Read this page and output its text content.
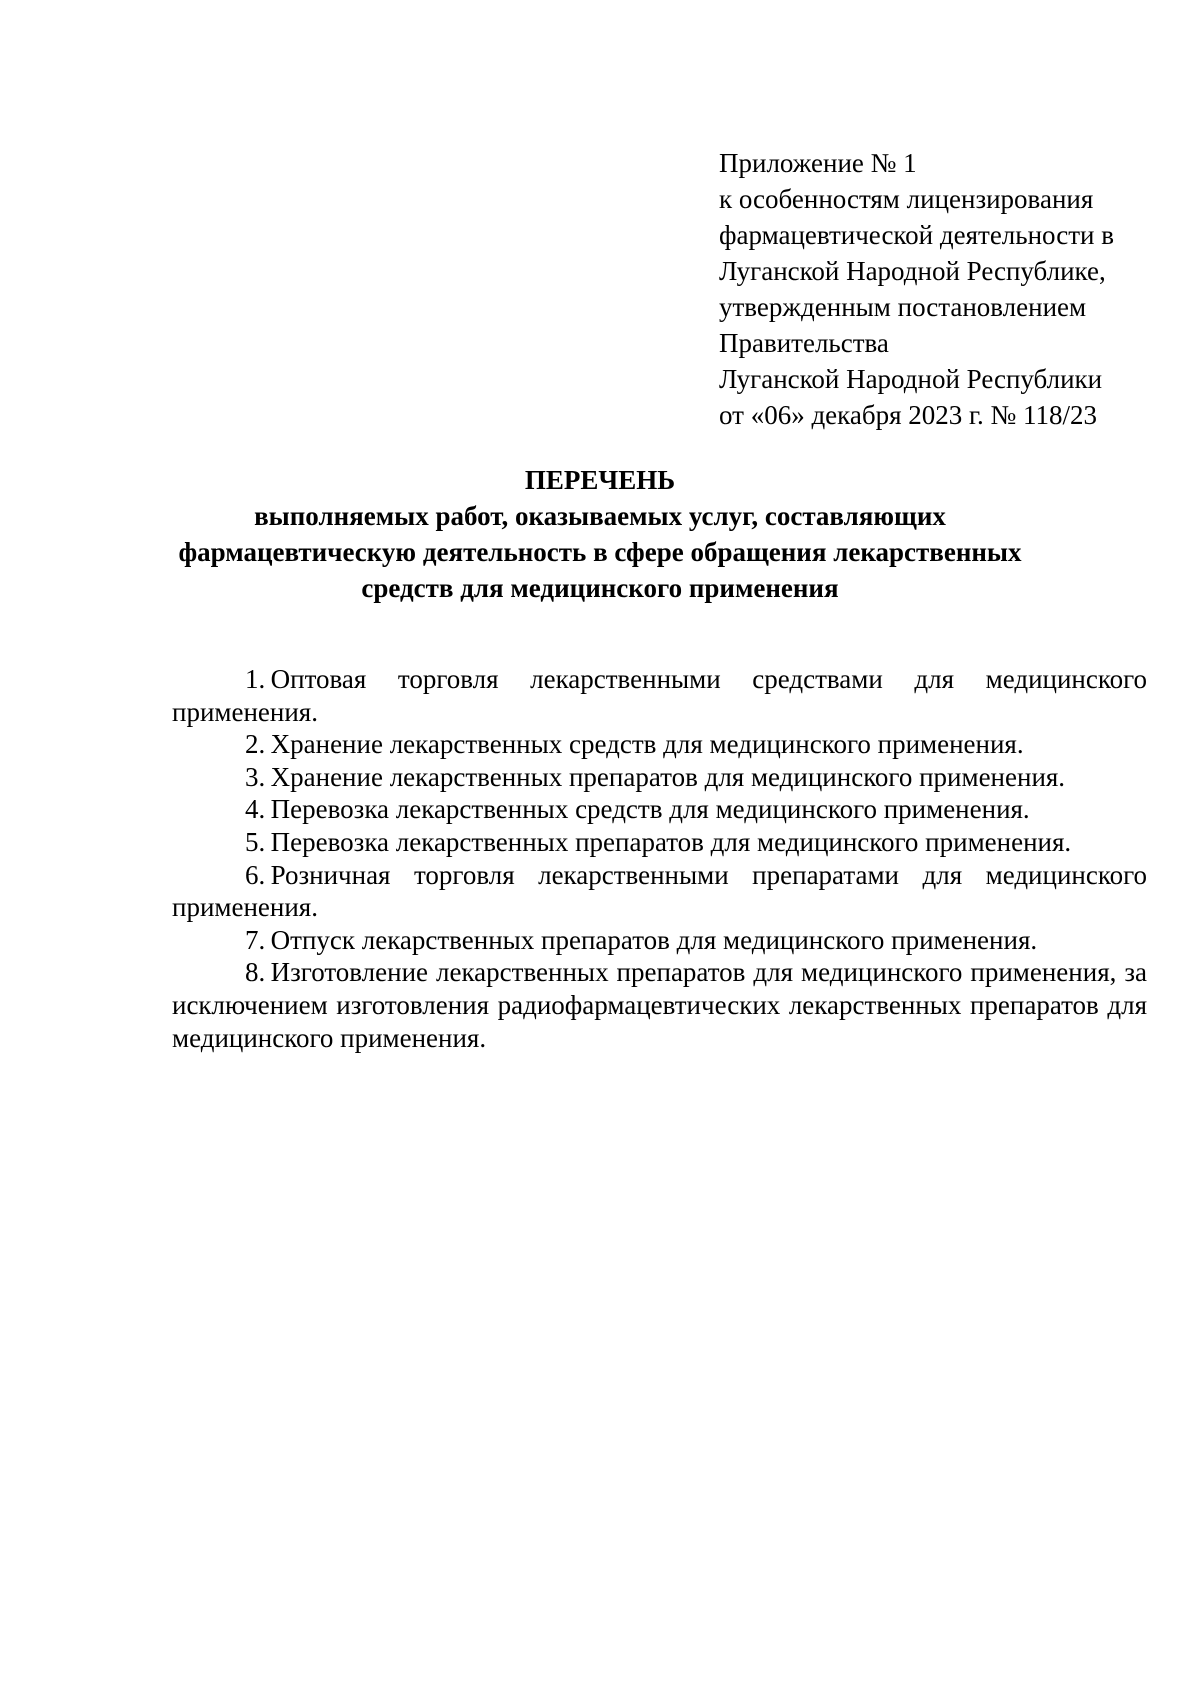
Приложение № 1
к особенностям лицензирования
фармацевтической деятельности в
Луганской Народной Республике,
утвержденным постановлением
Правительства
Луганской Народной Республики
от «06» декабря 2023 г. № 118/23
ПЕРЕЧЕНЬ
выполняемых работ, оказываемых услуг, составляющих
фармацевтическую деятельность в сфере обращения лекарственных
средств для медицинского применения

1. Оптовая торговля лекарственными средствами для медицинского применения.

2. Хранение лекарственных средств для медицинского применения.

3. Хранение лекарственных препаратов для медицинского применения.

4. Перевозка лекарственных средств для медицинского применения.

5. Перевозка лекарственных препаратов для медицинского применения.

6. Розничная торговля лекарственными препаратами для медицинского применения.

7. Отпуск лекарственных препаратов для медицинского применения.

8. Изготовление лекарственных препаратов для медицинского применения, за исключением изготовления радиофармацевтических лекарственных препаратов для медицинского применения.
